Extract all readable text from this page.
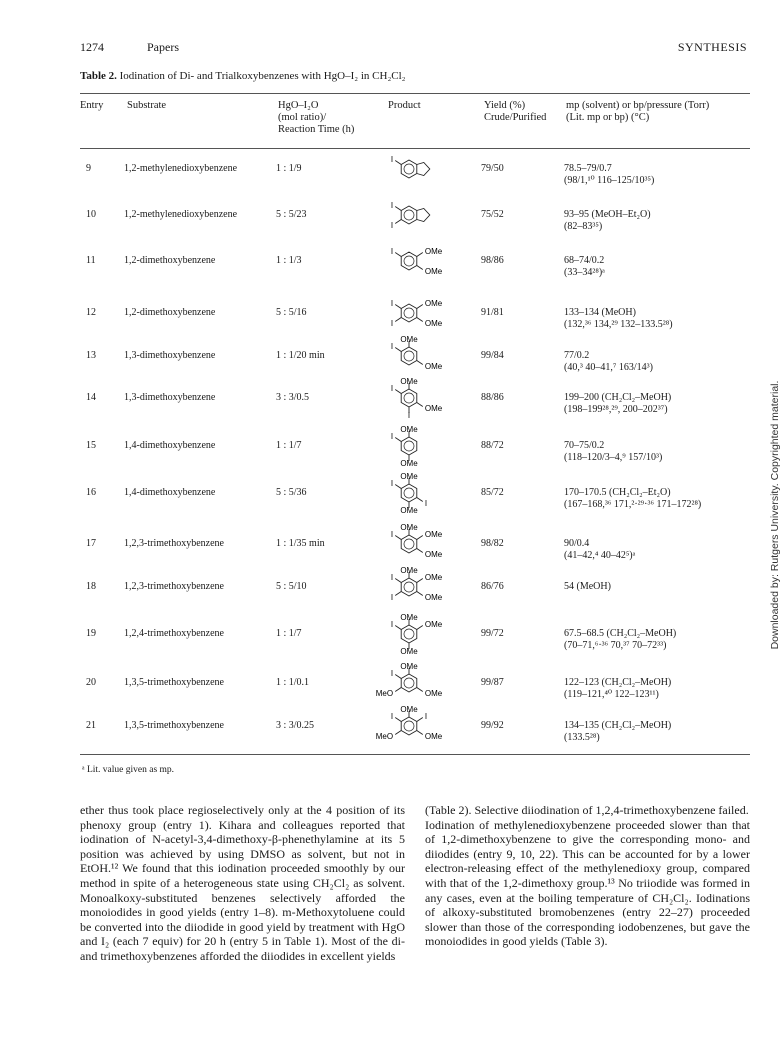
1274	Papers	SYNTHESIS
Table 2. Iodination of Di- and Trialkoxybenzenes with HgO–I₂ in CH₂Cl₂
Entry Substrate	HgO–I₂O
(mol ratio)/
Reaction Time (h)
Product	Yield (%)
Crude/Purified
mp (solvent) or bp/pressure (Torr)
(Lit. mp or bp) (°C)
9	1,2-methylenedioxybenzene	1 : 1/9	79/50	78.5–79/0.7
(98/1,¹⁰ 116–125/10³⁵)
I
10	1,2-methylenedioxybenzene	5 : 5/23	75/52	93–95 (MeOH–Et₂O)
(82–83³⁵)
I
I
11	1,2-dimethoxybenzene	1 : 1/3	98/86	68–74/0.2
(33–34²⁸)ᵃ
OMe
OMe
I
12	1,2-dimethoxybenzene	5 : 5/16	91/81	133–134 (MeOH)
(132,³⁶ 134,²⁹ 132–133.5²⁸)
OMe
OMe
I
I
13	1,3-dimethoxybenzene	1 : 1/20 min	99/84	77/0.2
(40,³ 40–41,⁷ 163/14³)
OMe
OMe
I
14	1,3-dimethoxybenzene	3 : 3/0.5	88/86	199–200 (CH₂Cl₂–MeOH)
(198–199²⁸,²⁹, 200–202³⁷)
OMe
OMe
I
I
15	1,4-dimethoxybenzene	1 : 1/7	88/72	70–75/0.2
(118–120/3–4,⁹ 157/10³)
OMe
OMe
I
16	1,4-dimethoxybenzene	5 : 5/36	85/72	170–170.5 (CH₂Cl₂–Et₂O)
(167–168,³⁶ 171,²·²⁹·³⁶ 171–172²⁸)
OMe
OMe
I
I
17	1,2,3-trimethoxybenzene	1 : 1/35 min	98/82	90/0.4
(41–42,⁴ 40–42⁵)ᵃ
OMe
OMe
OMe
I
18	1,2,3-trimethoxybenzene	5 : 5/10	86/76	54 (MeOH)
OMe
OMe
OMe
I
I
19	1,2,4-trimethoxybenzene	1 : 1/7	99/72	67.5–68.5 (CH₂Cl₂–MeOH)
(70–71,⁶·³⁶ 70,³⁷ 70–72³³)
OMe
OMe
OMe
I
20	1,3,5-trimethoxybenzene	1 : 1/0.1	99/87	122–123 (CH₂Cl₂–MeOH)
(119–121,⁴⁰ 122–123¹¹)
OMe
OMe
MeO
I
21	1,3,5-trimethoxybenzene	3 : 3/0.25	99/92	134–135 (CH₂Cl₂–MeOH)
(133.5²⁸)
OMe
OMe
MeO
I	I
ᵃ Lit. value given as mp.
ether thus took place regioselectively only at the 4 position of its phenoxy group (entry 1). Kihara and colleagues reported that iodination of N-acetyl-3,4-dimethoxy-β-phenethylamine at its 5 position was achieved by using DMSO as solvent, but not in EtOH.¹² We found that this iodination proceeded smoothly by our method in spite of a heterogeneous state using CH₂Cl₂ as solvent. Monoalkoxy-substituted benzenes selectively afforded the monoiodides in good yields (entry 1–8). m-Methoxytoluene could be converted into the diiodide in good yield by treatment with HgO and I₂ (each 7 equiv) for 20 h (entry 5 in Table 1). Most of the di- and trimethoxybenzenes afforded the diiodides in excellent yields
(Table 2). Selective diiodination of 1,2,4-trimethoxybenzene failed.
Iodination of methylenedioxybenzene proceeded slower than that of 1,2-dimethoxybenzene to give the corresponding mono- and diiodides (entry 9, 10, 22). This can be accounted for by a lower electron-releasing effect of the methylenedioxy group, compared with that of the 1,2-dimethoxy group.¹³ No triiodide was formed in any cases, even at the boiling temperature of CH₂Cl₂. Iodinations of alkoxy-substituted bromobenzenes (entry 22–27) proceeded slower than those of the corresponding iodobenzenes, but gave the monoiodides in good yields (Table 3).
Downloaded by: Rutgers University. Copyrighted material.
